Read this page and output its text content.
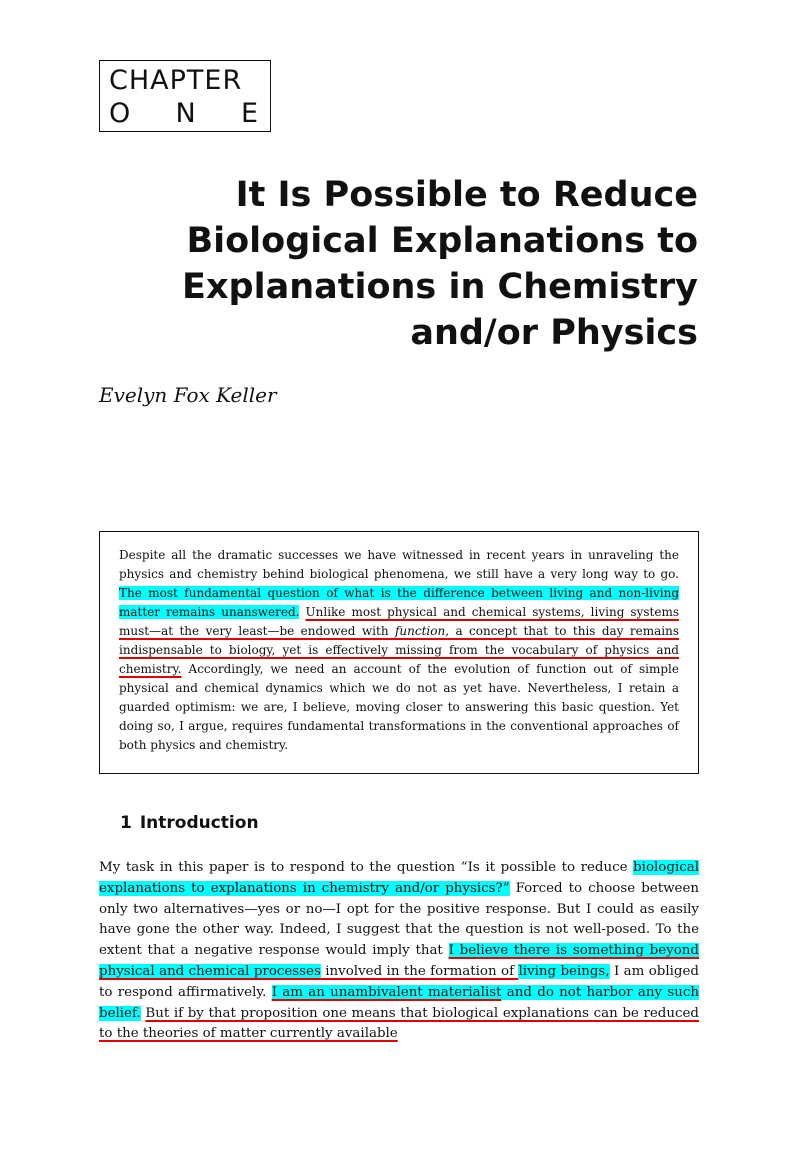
CHAPTER
O N E
It Is Possible to Reduce
Biological Explanations to
Explanations in Chemistry
and/or Physics
Evelyn Fox Keller
Despite all the dramatic successes we have witnessed in recent years in unraveling the physics and chemistry behind biological phenomena, we still have a very long way to go. The most fundamental question of what is the difference between living and non-living matter remains unanswered. Unlike most physical and chemical systems, living systems must—at the very least—be endowed with function, a concept that to this day remains indispensable to biology, yet is effectively missing from the vocabulary of physics and chemistry. Accordingly, we need an account of the evolution of function out of simple physical and chemical dynamics which we do not as yet have. Nevertheless, I retain a guarded optimism: we are, I believe, moving closer to answering this basic question. Yet doing so, I argue, requires fundamental transformations in the conventional approaches of both physics and chemistry.
1 Introduction
My task in this paper is to respond to the question “Is it possible to reduce biological explanations to explanations in chemistry and/or physics?” Forced to choose between only two alternatives—yes or no—I opt for the positive response. But I could as easily have gone the other way. Indeed, I suggest that the question is not well-posed. To the extent that a negative response would imply that I believe there is something beyond physical and chemical processes involved in the formation of living beings, I am obliged to respond affirmatively. I am an unambivalent materialist and do not harbor any such belief. But if by that proposition one means that biological explanations can be reduced to the theories of matter currently available
